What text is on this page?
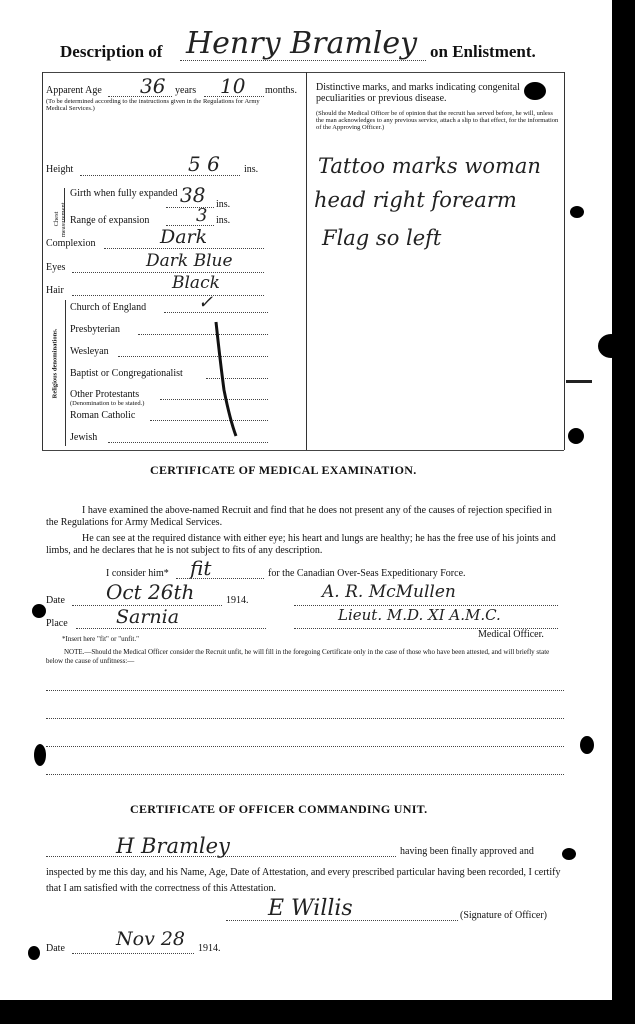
Description of Henry Bramley on Enlistment.
Apparent Age 36 years 10 months.
(To be determined according to the instructions given in the Regulations for Army Medical Services.)
Height	5 6 ins.
Chest measurement.
Girth when fully expanded 38 ins.
Range of expansion	3 ins.
Complexion	Dark
Eyes	Dark Blue
Hair	Black
Religious denominations.
Church of England	✓
Presbyterian
Wesleyan
Baptist or Congregationalist
Other Protestants
(Denomination to be stated.)
Roman Catholic
Jewish
Distinctive marks, and marks indicating congenital peculiarities or previous disease.
(Should the Medical Officer be of opinion that the recruit has served before, he will, unless the man acknowledges to any previous service, attach a slip to that effect, for the information of the Approving Officer.)
Tattoo marks woman
head right forearm
Flag so left
CERTIFICATE OF MEDICAL EXAMINATION.
I have examined the above-named Recruit and find that he does not present any of the causes of rejection specified in the Regulations for Army Medical Services.
He can see at the required distance with either eye; his heart and lungs are healthy; he has the free use of his joints and limbs, and he declares that he is not subject to fits of any description.
I consider him* fit	for the Canadian Over-Seas Expeditionary Force.
Date Oct 26th	1914.
Place	Sarnia
A. R. McMullen
Lieut. M.D. XI A.M.C.
Medical Officer.
*Insert here "fit" or "unfit."
NOTE.—Should the Medical Officer consider the Recruit unfit, he will fill in the foregoing Certificate only in the case of those who have been attested, and will briefly state below the cause of unfitness:—
CERTIFICATE OF OFFICER COMMANDING UNIT.
H Bramley	having been finally approved and
inspected by me this day, and his Name, Age, Date of Attestation, and every prescribed particular having been recorded, I certify that I am satisfied with the correctness of this Attestation.
E Willis	(Signature of Officer)
Date	Nov 28 1914.
